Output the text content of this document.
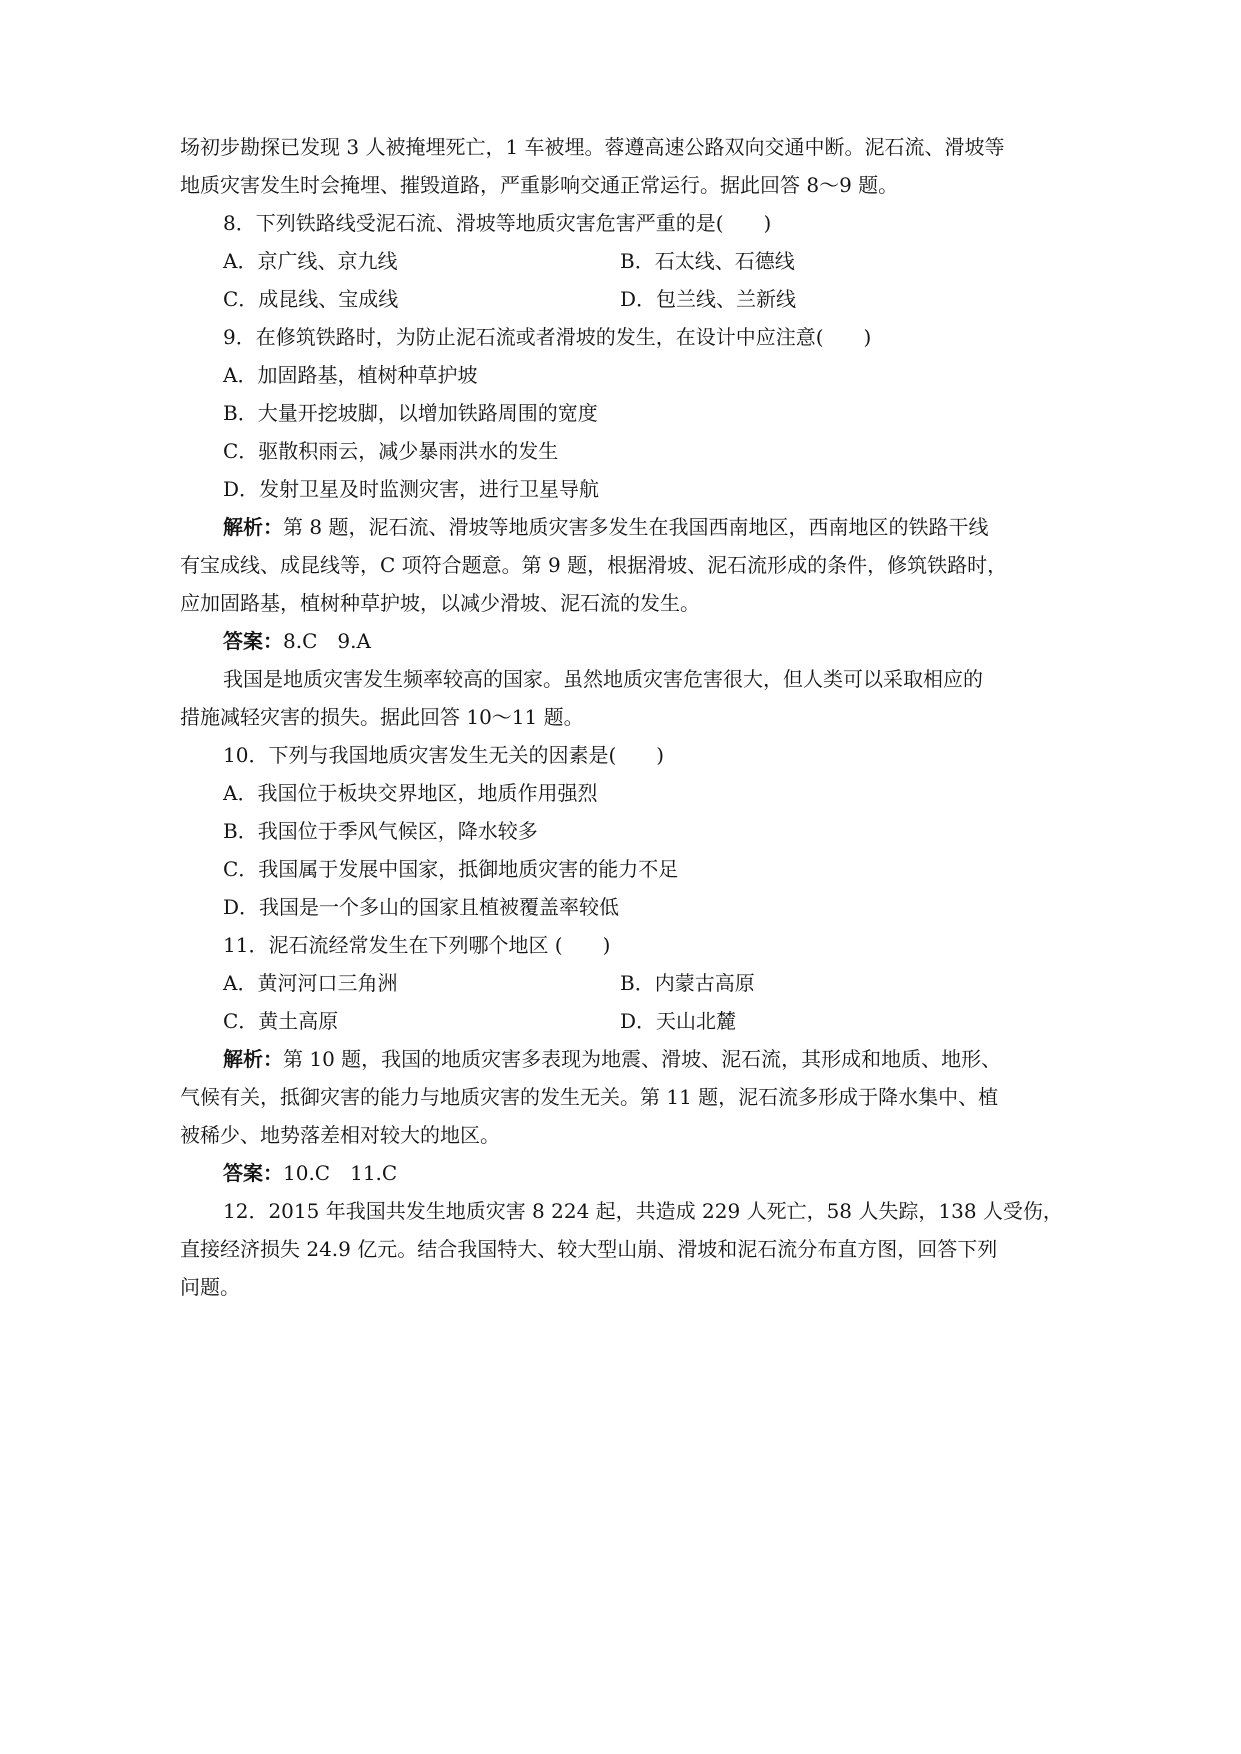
场初步勘探已发现 3 人被掩埋死亡，1 车被埋。蓉遵高速公路双向交通中断。泥石流、滑坡等
地质灾害发生时会掩埋、摧毁道路，严重影响交通正常运行。据此回答 8～9 题。
8．下列铁路线受泥石流、滑坡等地质灾害危害严重的是(　　)
A．京广线、京九线	B．石太线、石德线
C．成昆线、宝成线	D．包兰线、兰新线
9．在修筑铁路时，为防止泥石流或者滑坡的发生，在设计中应注意(　　)
A．加固路基，植树种草护坡
B．大量开挖坡脚，以增加铁路周围的宽度
C．驱散积雨云，减少暴雨洪水的发生
D．发射卫星及时监测灾害，进行卫星导航
解析：第 8 题，泥石流、滑坡等地质灾害多发生在我国西南地区，西南地区的铁路干线
有宝成线、成昆线等，C 项符合题意。第 9 题，根据滑坡、泥石流形成的条件，修筑铁路时，
应加固路基，植树种草护坡，以减少滑坡、泥石流的发生。
答案：8.C　9.A
我国是地质灾害发生频率较高的国家。虽然地质灾害危害很大，但人类可以采取相应的
措施减轻灾害的损失。据此回答 10～11 题。
10．下列与我国地质灾害发生无关的因素是(　　)
A．我国位于板块交界地区，地质作用强烈
B．我国位于季风气候区，降水较多
C．我国属于发展中国家，抵御地质灾害的能力不足
D．我国是一个多山的国家且植被覆盖率较低
11．泥石流经常发生在下列哪个地区 (　　)
A．黄河河口三角洲	B．内蒙古高原
C．黄土高原	D．天山北麓
解析：第 10 题，我国的地质灾害多表现为地震、滑坡、泥石流，其形成和地质、地形、
气候有关，抵御灾害的能力与地质灾害的发生无关。第 11 题，泥石流多形成于降水集中、植
被稀少、地势落差相对较大的地区。
答案：10.C　11.C
12．2015 年我国共发生地质灾害 8 224 起，共造成 229 人死亡，58 人失踪，138 人受伤，
直接经济损失 24.9 亿元。结合我国特大、较大型山崩、滑坡和泥石流分布直方图，回答下列
问题。
